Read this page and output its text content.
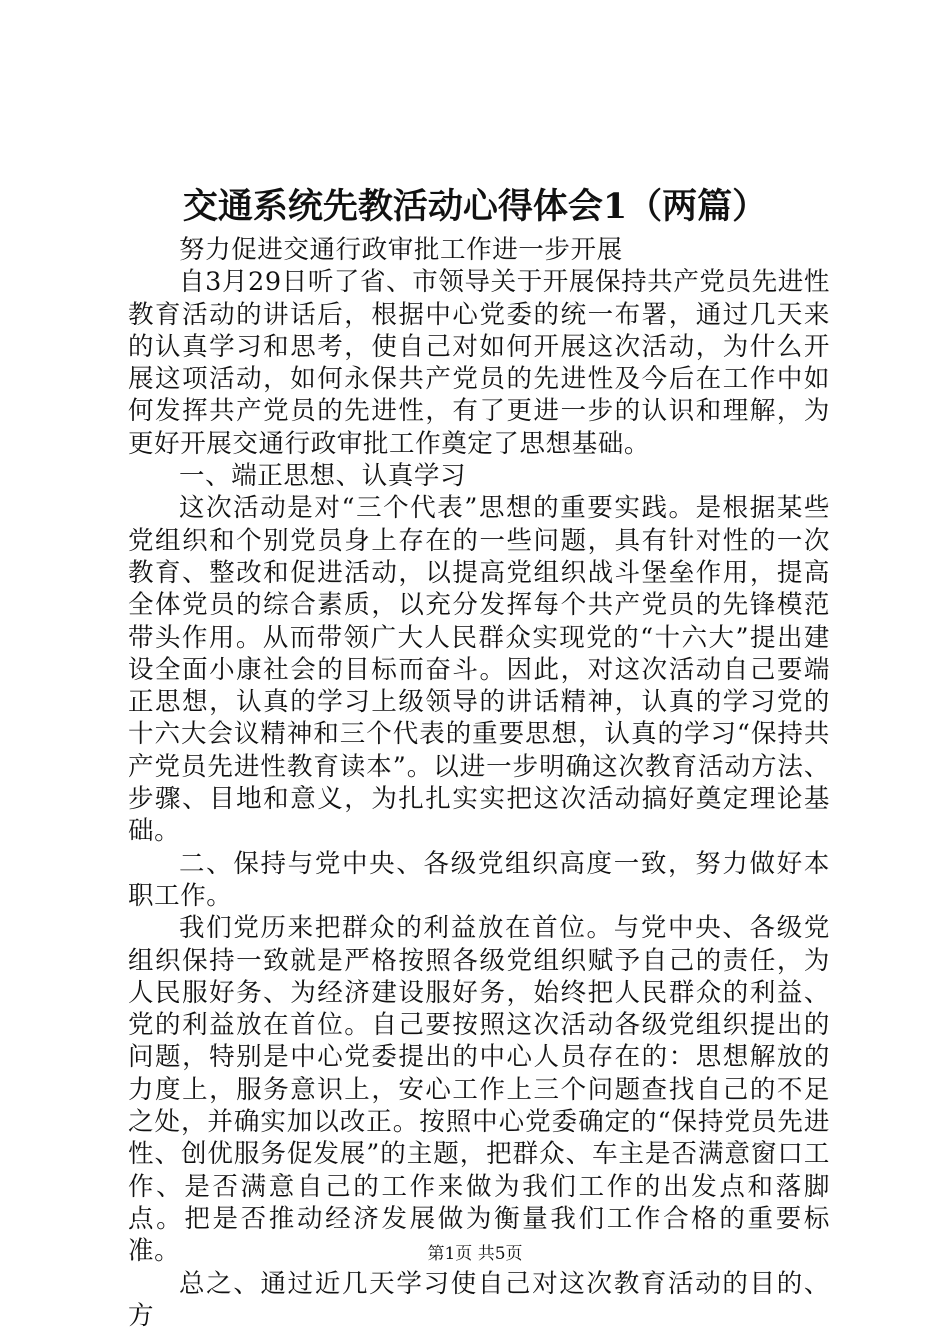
交通系统先教活动心得体会1（两篇）

努力促进交通行政审批工作进一步开展

自3月29日听了省、市领导关于开展保持共产党员先进性教育活动的讲话后，根据中心党委的统一布署，通过几天来的认真学习和思考，使自己对如何开展这次活动，为什么开展这项活动，如何永保共产党员的先进性及今后在工作中如何发挥共产党员的先进性，有了更进一步的认识和理解，为更好开展交通行政审批工作奠定了思想基础。

一、端正思想、认真学习

这次活动是对“三个代表”思想的重要实践。是根据某些党组织和个别党员身上存在的一些问题，具有针对性的一次教育、整改和促进活动，以提高党组织战斗堡垒作用，提高全体党员的综合素质，以充分发挥每个共产党员的先锋模范带头作用。从而带领广大人民群众实现党的“十六大”提出建设全面小康社会的目标而奋斗。因此，对这次活动自己要端正思想，认真的学习上级领导的讲话精神，认真的学习党的十六大会议精神和三个代表的重要思想，认真的学习“保持共产党员先进性教育读本”。以进一步明确这次教育活动方法、步骤、目地和意义，为扎扎实实把这次活动搞好奠定理论基础。

二、保持与党中央、各级党组织高度一致，努力做好本职工作。

我们党历来把群众的利益放在首位。与党中央、各级党组织保持一致就是严格按照各级党组织赋予自己的责任，为人民服好务、为经济建设服好务，始终把人民群众的利益、党的利益放在首位。自己要按照这次活动各级党组织提出的问题，特别是中心党委提出的中心人员存在的：思想解放的力度上，服务意识上，安心工作上三个问题查找自己的不足之处，并确实加以改正。按照中心党委确定的“保持党员先进性、创优服务促发展”的主题，把群众、车主是否满意窗口工作、是否满意自己的工作来做为我们工作的出发点和落脚点。把是否推动经济发展做为衡量我们工作合格的重要标准。

总之、通过近几天学习使自己对这次教育活动的目的、方

第1页 共5页
